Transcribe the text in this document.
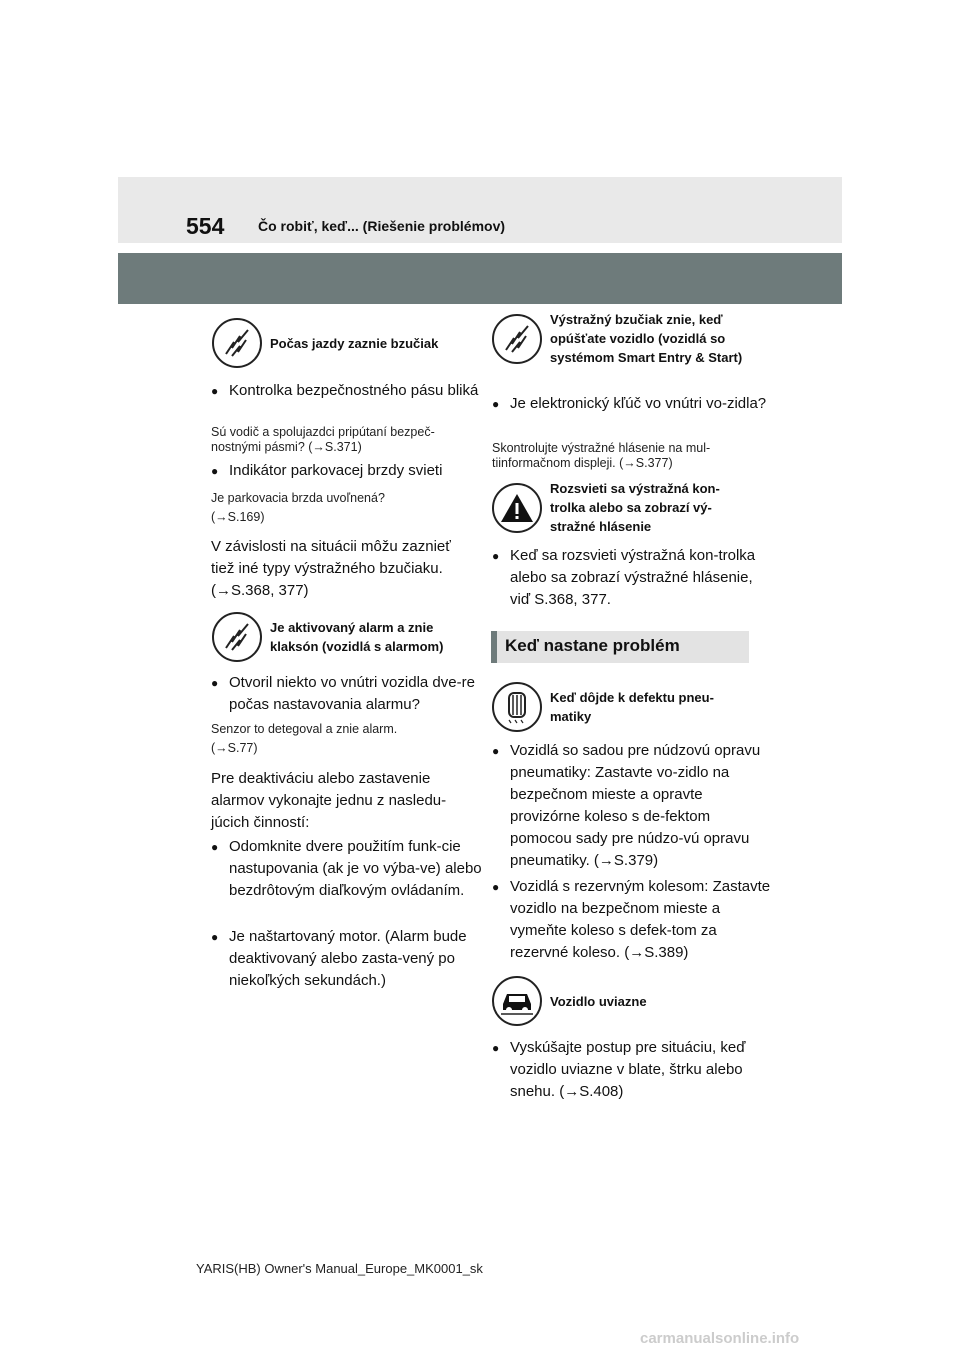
554 Čo robiť, keď... (Riešenie problémov)
Počas jazdy zaznie bzučiak
● Kontrolka bezpečnostného pásu bliká
Sú vodič a spolujazdci pripútaní bezpeč-nostnými pásmi? (→S.371)
● Indikátor parkovacej brzdy svieti
Je parkovacia brzda uvoľnená? (→S.169)
V závislosti na situácii môžu zaznieť tiež iné typy výstražného bzučiaku. (→S.368, 377)
Je aktivovaný alarm a znie klaksón (vozidlá s alarmom)
● Otvoril niekto vo vnútri vozidla dve-re počas nastavovania alarmu?
Senzor to detegoval a znie alarm. (→S.77)
Pre deaktiváciu alebo zastavenie alarmov vykonajte jednu z nasledu-júcich činností:
● Odomknite dvere použitím funk-cie nastupovania (ak je vo výba-ve) alebo bezdrôtovým diaľkovým ovládaním.
● Je naštartovaný motor. (Alarm bude deaktivovaný alebo zasta-vený po niekoľkých sekundách.)
Výstražný bzučiak znie, keď opúšťate vozidlo (vozidlá so systémom Smart Entry & Start)
● Je elektronický kľúč vo vnútri vo-zidla?
Skontrolujte výstražné hlásenie na mul-tiinformačnom displeji. (→S.377)
Rozsvieti sa výstražná kon-trolka alebo sa zobrazí vý-stražné hlásenie
● Keď sa rozsvieti výstražná kon-trolka alebo sa zobrazí výstražné hlásenie, viď S.368, 377.
Keď nastane problém
Keď dôjde k defektu pneu-matiky
● Vozidlá so sadou pre núdzovú opravu pneumatiky: Zastavte vo-zidlo na bezpečnom mieste a opravte provizórne koleso s de-fektom pomocou sady pre núdzo-vú opravu pneumatiky. (→S.379)
● Vozidlá s rezervným kolesom: Zastavte vozidlo na bezpečnom mieste a vymeňte koleso s defek-tom za rezervné koleso. (→S.389)
Vozidlo uviazne
● Vyskúšajte postup pre situáciu, keď vozidlo uviazne v blate, štrku alebo snehu. (→S.408)
YARIS(HB) Owner's Manual_Europe_MK0001_sk
carmanualsonline.info
